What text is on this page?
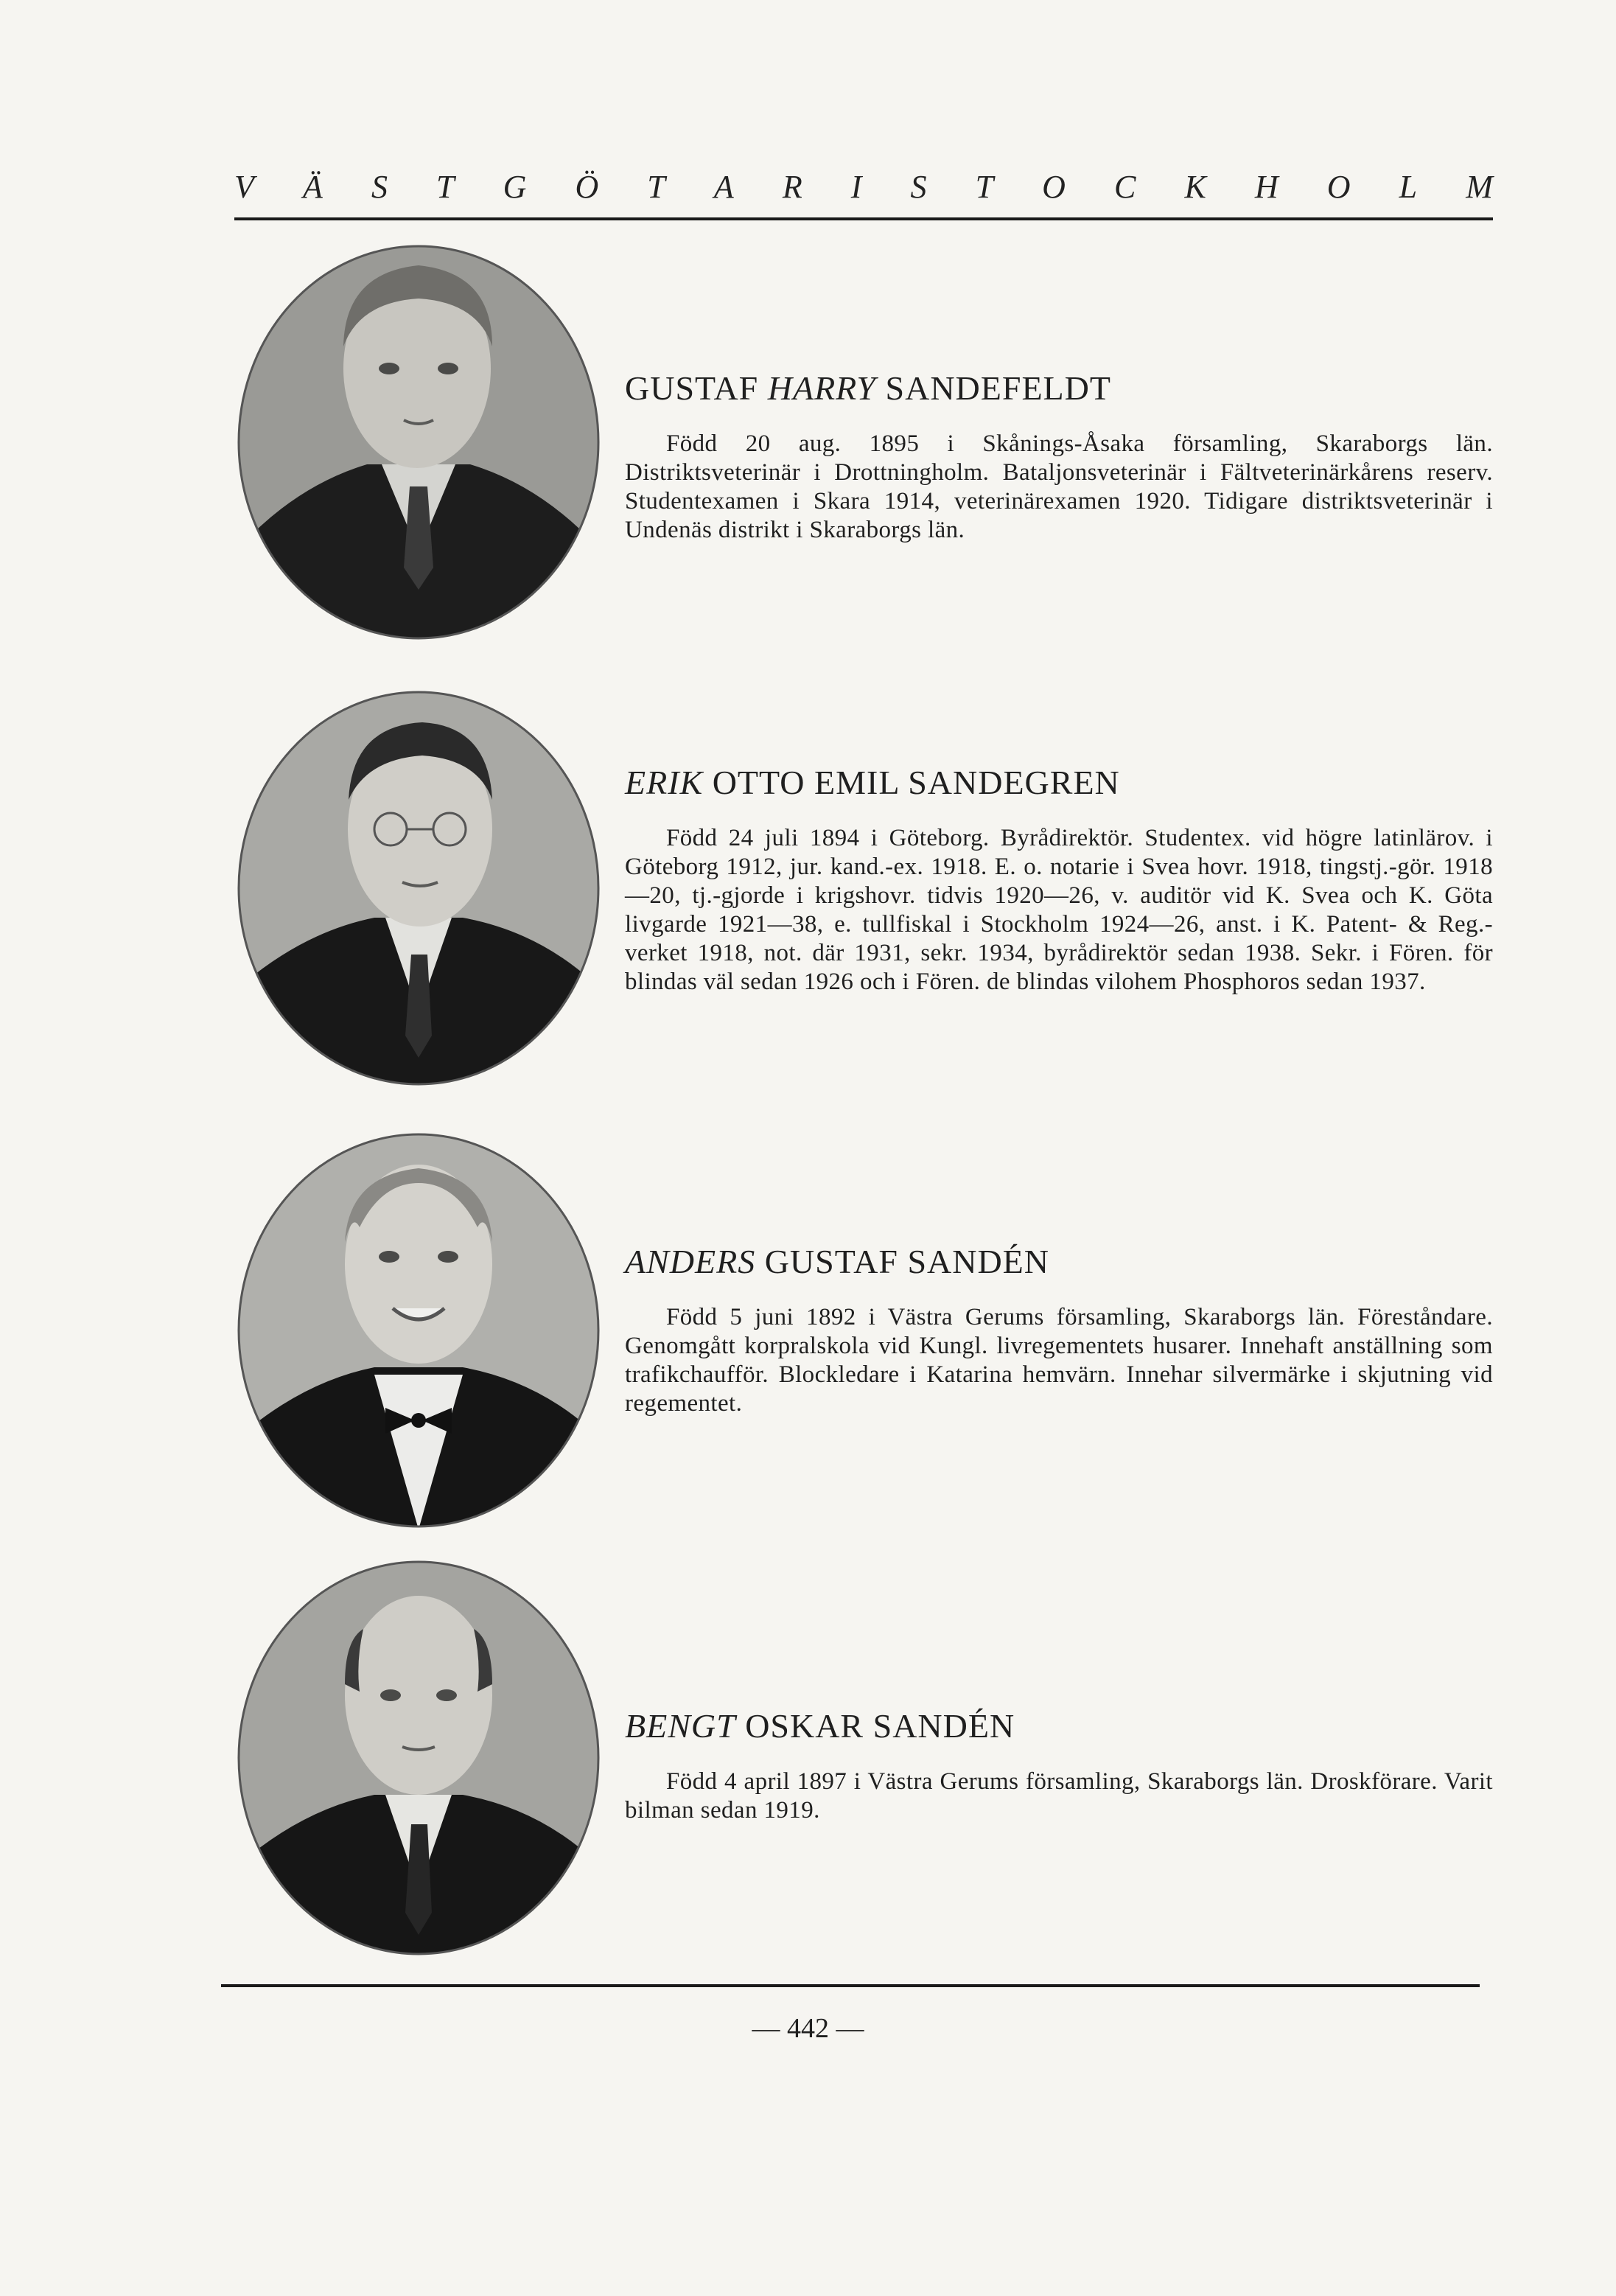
V Ä S T G Ö T A R I S T O C K H O L M
GUSTAF HARRY SANDEFELDT

Född 20 aug. 1895 i Skånings-Åsaka församling, Skaraborgs län. Distriktsveterinär i Drottningholm. Bataljonsveterinär i Fältveterinärkårens reserv. Studentexamen i Skara 1914, veterinärexamen 1920. Tidigare distriktsveterinär i Undenäs distrikt i Skaraborgs län.

ERIK OTTO EMIL SANDEGREN

Född 24 juli 1894 i Göteborg. Byrådirektör. Studentex. vid högre latinlärov. i Göteborg 1912, jur. kand.-ex. 1918. E. o. notarie i Svea hovr. 1918, tingstj.-gör. 1918—20, tj.-gjorde i krigshovr. tidvis 1920—26, v. auditör vid K. Svea och K. Göta livgarde 1921—38, e. tullfiskal i Stockholm 1924—26, anst. i K. Patent- & Reg.-verket 1918, not. där 1931, sekr. 1934, byrådirektör sedan 1938. Sekr. i Fören. för blindas väl sedan 1926 och i Fören. de blindas vilohem Phosphoros sedan 1937.

ANDERS GUSTAF SANDÉN

Född 5 juni 1892 i Västra Gerums församling, Skaraborgs län. Föreståndare. Genomgått korpralskola vid Kungl. livregementets husarer. Innehaft anställning som trafikchaufför. Blockledare i Katarina hemvärn. Innehar silvermärke i skjutning vid regementet.

BENGT OSKAR SANDÉN

Född 4 april 1897 i Västra Gerums församling, Skaraborgs län. Droskförare. Varit bilman sedan 1919.

— 442 —
